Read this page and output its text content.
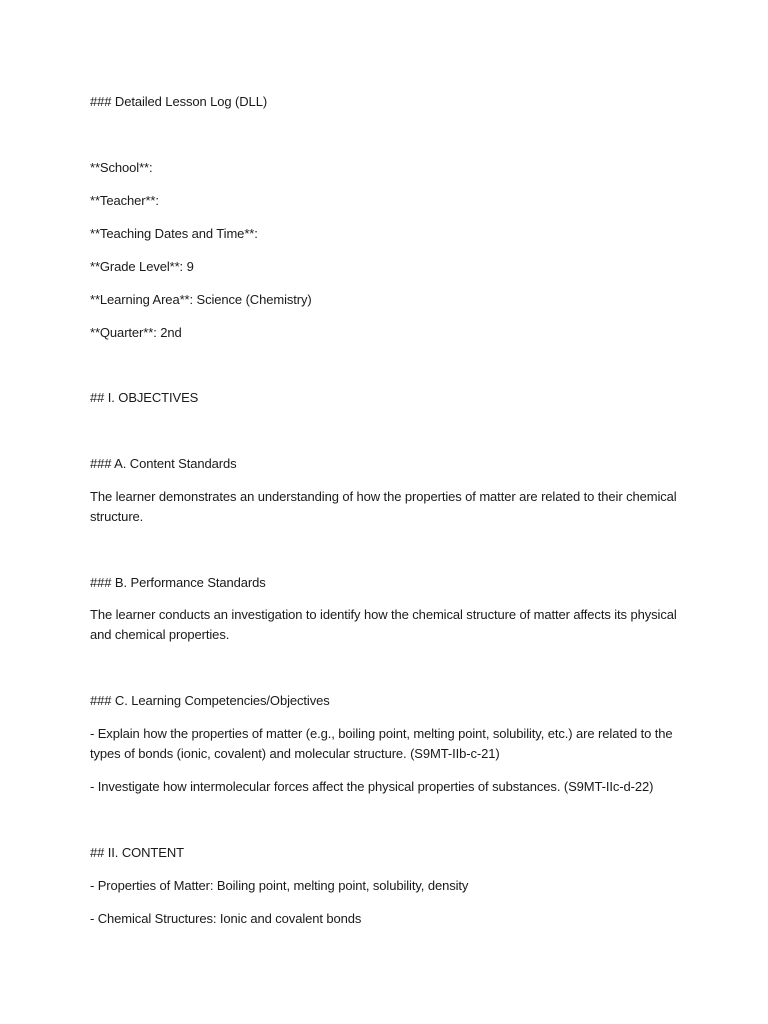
### Detailed Lesson Log (DLL)
**School**:
**Teacher**:
**Teaching Dates and Time**:
**Grade Level**: 9
**Learning Area**: Science (Chemistry)
**Quarter**: 2nd
## I. OBJECTIVES
### A. Content Standards
The learner demonstrates an understanding of how the properties of matter are related to their chemical structure.
### B. Performance Standards
The learner conducts an investigation to identify how the chemical structure of matter affects its physical and chemical properties.
### C. Learning Competencies/Objectives
- Explain how the properties of matter (e.g., boiling point, melting point, solubility, etc.) are related to the types of bonds (ionic, covalent) and molecular structure. (S9MT-IIb-c-21)
- Investigate how intermolecular forces affect the physical properties of substances. (S9MT-IIc-d-22)
## II. CONTENT
- Properties of Matter: Boiling point, melting point, solubility, density
- Chemical Structures: Ionic and covalent bonds
